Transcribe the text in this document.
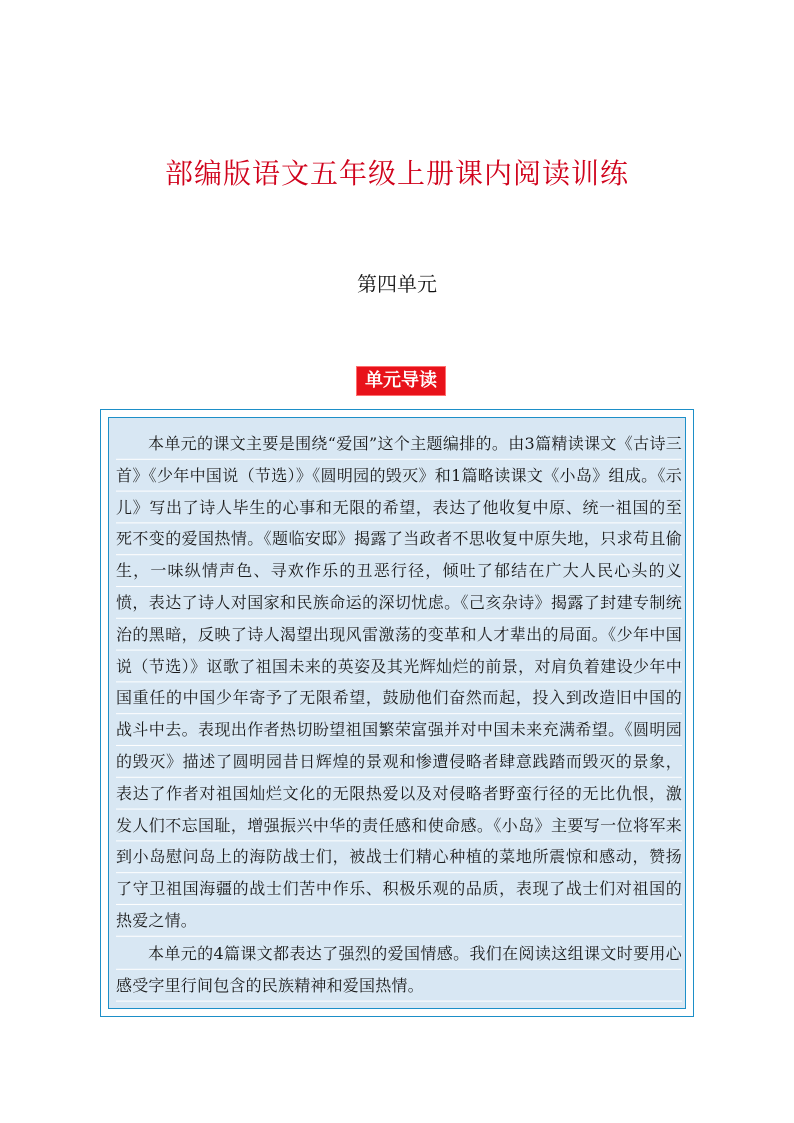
部编版语文五年级上册课内阅读训练
第四单元
单元导读

本单元的课文主要是围绕“爱国”这个主题编排的。由3篇精读课文《古诗三首》《少年中国说（节选）》《圆明园的毁灭》和1篇略读课文《小岛》组成。《示儿》写出了诗人毕生的心事和无限的希望，表达了他收复中原、统一祖国的至死不变的爱国热情。《题临安邸》揭露了当政者不思收复中原失地，只求苟且偷生，一味纵情声色、寻欢作乐的丑恶行径，倾吐了郁结在广大人民心头的义愤，表达了诗人对国家和民族命运的深切忧虑。《己亥杂诗》揭露了封建专制统治的黑暗，反映了诗人渴望出现风雷激荡的变革和人才辈出的局面。《少年中国说（节选）》讴歌了祖国未来的英姿及其光辉灿烂的前景，对肩负着建设少年中国重任的中国少年寄予了无限希望，鼓励他们奋然而起，投入到改造旧中国的战斗中去。表现出作者热切盼望祖国繁荣富强并对中国未来充满希望。《圆明园的毁灭》描述了圆明园昔日辉煌的景观和惨遭侵略者肆意践踏而毁灭的景象，表达了作者对祖国灿烂文化的无限热爱以及对侵略者野蛮行径的无比仇恨，激发人们不忘国耻，增强振兴中华的责任感和使命感。《小岛》主要写一位将军来到小岛慰问岛上的海防战士们，被战士们精心种植的菜地所震惊和感动，赞扬了守卫祖国海疆的战士们苦中作乐、积极乐观的品质，表现了战士们对祖国的热爱之情。

本单元的4篇课文都表达了强烈的爱国情感。我们在阅读这组课文时要用心感受字里行间包含的民族精神和爱国热情。
